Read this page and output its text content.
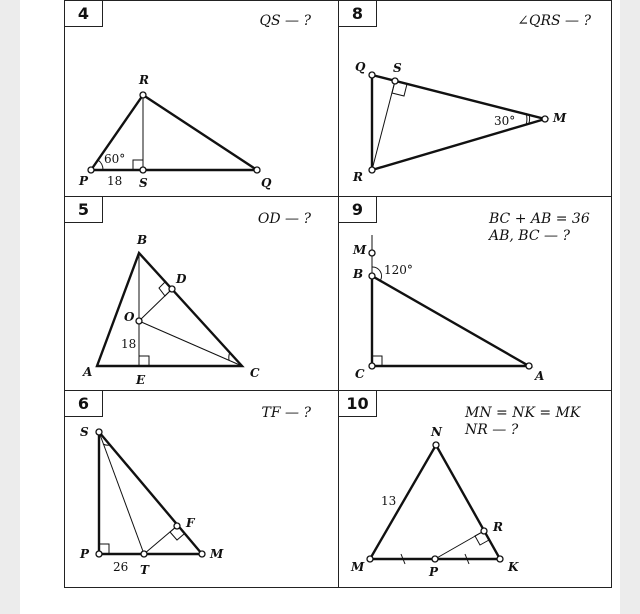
4	QS — ?
R
P	S	Q
60°
18
8	∠QRS — ?
Q S
M
R
30°
5	OD — ?
B
D
O
A
E	C
18
9	BC + AB = 36
AB, BC — ?
M
B
C	A
120°
6	TF — ?
S
F
P
T
M
26
10	MN = NK = MK
NR — ?
N
R
M	P	K
13
